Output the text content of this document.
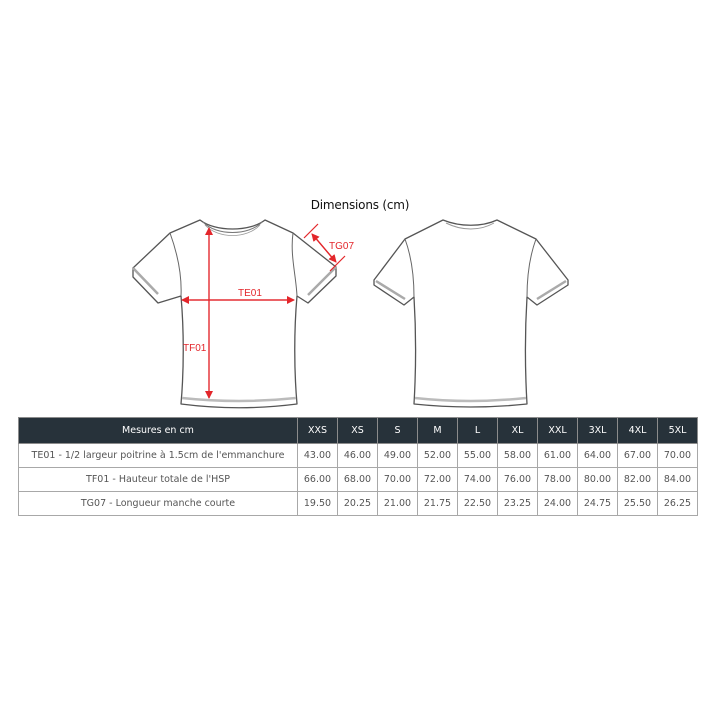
Dimensions (cm)
TE01
TF01
TG07
Mesures en cm	XXS	XS	S	M	L	XL	XXL	3XL	4XL	5XL
TE01 - 1/2 largeur poitrine à 1.5cm de l'emmanchure	43.00	46.00	49.00	52.00	55.00	58.00	61.00	64.00	67.00	70.00
TF01 - Hauteur totale de l'HSP	66.00	68.00	70.00	72.00	74.00	76.00	78.00	80.00	82.00	84.00
TG07 - Longueur manche courte	19.50	20.25	21.00	21.75	22.50	23.25	24.00	24.75	25.50	26.25
